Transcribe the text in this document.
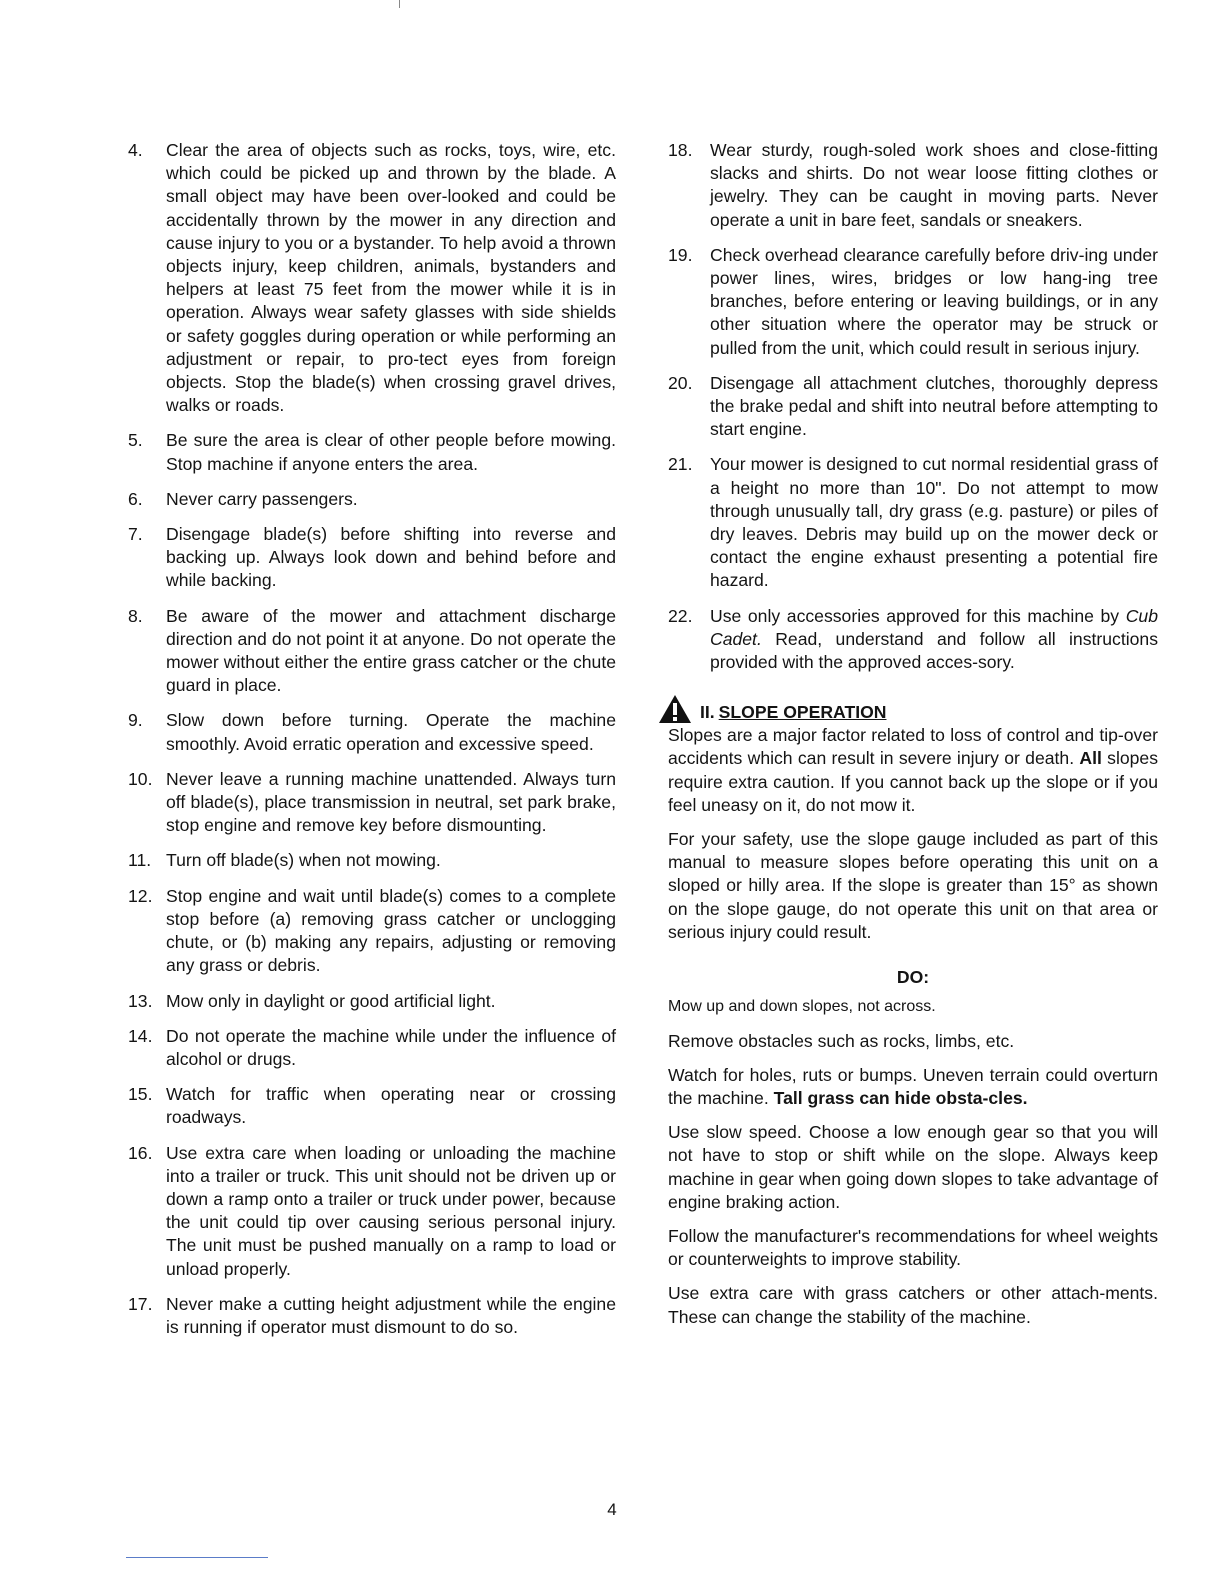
4.	Clear the area of objects such as rocks, toys, wire, etc. which could be picked up and thrown by the blade. A small object may have been over-looked and could be accidentally thrown by the mower in any direction and cause injury to you or a bystander. To help avoid a thrown objects injury, keep children, animals, bystanders and helpers at least 75 feet from the mower while it is in operation. Always wear safety glasses with side shields or safety goggles during operation or while performing an adjustment or repair, to pro-tect eyes from foreign objects. Stop the blade(s) when crossing gravel drives, walks or roads.
5.	Be sure the area is clear of other people before mowing. Stop machine if anyone enters the area.
6.	Never carry passengers.
7.	Disengage blade(s) before shifting into reverse and backing up. Always look down and behind before and while backing.
8.	Be aware of the mower and attachment discharge direction and do not point it at anyone. Do not operate the mower without either the entire grass catcher or the chute guard in place.
9.	Slow down before turning. Operate the machine smoothly. Avoid erratic operation and excessive speed.
10. Never leave a running machine unattended. Always turn off blade(s), place transmission in neutral, set park brake, stop engine and remove key before dismounting.
11. Turn off blade(s) when not mowing.
12. Stop engine and wait until blade(s) comes to a complete stop before (a) removing grass catcher or unclogging chute, or (b) making any repairs, adjusting or removing any grass or debris.
13. Mow only in daylight or good artificial light.
14. Do not operate the machine while under the influence of alcohol or drugs.
15. Watch for traffic when operating near or crossing roadways.
16. Use extra care when loading or unloading the machine into a trailer or truck. This unit should not be driven up or down a ramp onto a trailer or truck under power, because the unit could tip over causing serious personal injury. The unit must be pushed manually on a ramp to load or unload properly.
17. Never make a cutting height adjustment while the engine is running if operator must dismount to do so.
18. Wear sturdy, rough-soled work shoes and close-fitting slacks and shirts. Do not wear loose fitting clothes or jewelry. They can be caught in moving parts. Never operate a unit in bare feet, sandals or sneakers.
19. Check overhead clearance carefully before driv-ing under power lines, wires, bridges or low hang-ing tree branches, before entering or leaving buildings, or in any other situation where the operator may be struck or pulled from the unit, which could result in serious injury.
20. Disengage all attachment clutches, thoroughly depress the brake pedal and shift into neutral before attempting to start engine.
21. Your mower is designed to cut normal residential grass of a height no more than 10". Do not attempt to mow through unusually tall, dry grass (e.g. pasture) or piles of dry leaves. Debris may build up on the mower deck or contact the engine exhaust presenting a potential fire hazard.
22. Use only accessories approved for this machine by Cub Cadet. Read, understand and follow all instructions provided with the approved acces-sory.
II. SLOPE OPERATION

Slopes are a major factor related to loss of control and tip-over accidents which can result in severe injury or death. All slopes require extra caution. If you cannot back up the slope or if you feel uneasy on it, do not mow it.

For your safety, use the slope gauge included as part of this manual to measure slopes before operating this unit on a sloped or hilly area. If the slope is greater than 15° as shown on the slope gauge, do not operate this unit on that area or serious injury could result.

DO:

Mow up and down slopes, not across.

Remove obstacles such as rocks, limbs, etc.

Watch for holes, ruts or bumps. Uneven terrain could overturn the machine. Tall grass can hide obsta-cles.

Use slow speed. Choose a low enough gear so that you will not have to stop or shift while on the slope. Always keep machine in gear when going down slopes to take advantage of engine braking action.

Follow the manufacturer's recommendations for wheel weights or counterweights to improve stability.

Use extra care with grass catchers or other attach-ments. These can change the stability of the machine.

4
